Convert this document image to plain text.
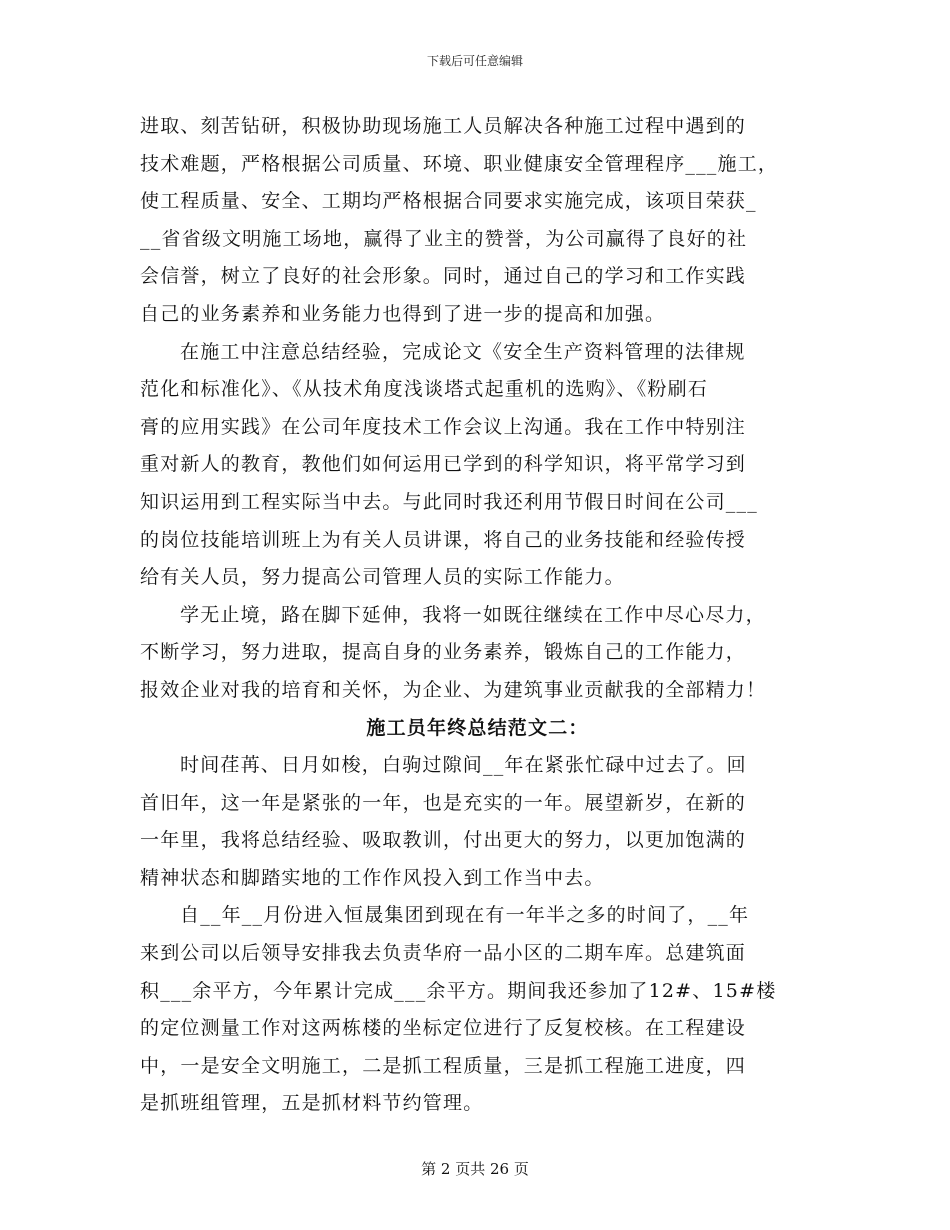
下载后可任意编辑
进取、刻苦钻研，积极协助现场施工人员解决各种施工过程中遇到的
技术难题，严格根据公司质量、环境、职业健康安全管理程序___施工，
使工程质量、安全、工期均严格根据合同要求实施完成，该项目荣获_
__省省级文明施工场地，赢得了业主的赞誉，为公司赢得了良好的社
会信誉，树立了良好的社会形象。同时，通过自己的学习和工作实践
自己的业务素养和业务能力也得到了进一步的提高和加强。
在施工中注意总结经验，完成论文《安全生产资料管理的法律规
范化和标准化》、《从技术角度浅谈塔式起重机的选购》、《粉刷石
膏的应用实践》在公司年度技术工作会议上沟通。我在工作中特别注
重对新人的教育，教他们如何运用已学到的科学知识，将平常学习到
知识运用到工程实际当中去。与此同时我还利用节假日时间在公司___
的岗位技能培训班上为有关人员讲课，将自己的业务技能和经验传授
给有关人员，努力提高公司管理人员的实际工作能力。
学无止境，路在脚下延伸，我将一如既往继续在工作中尽心尽力，
不断学习，努力进取，提高自身的业务素养，锻炼自己的工作能力，
报效企业对我的培育和关怀，为企业、为建筑事业贡献我的全部精力！
施工员年终总结范文二：
时间荏苒、日月如梭，白驹过隙间__年在紧张忙碌中过去了。回
首旧年，这一年是紧张的一年，也是充实的一年。展望新岁，在新的
一年里，我将总结经验、吸取教训，付出更大的努力，以更加饱满的
精神状态和脚踏实地的工作作风投入到工作当中去。
自__年__月份进入恒晟集团到现在有一年半之多的时间了，__年
来到公司以后领导安排我去负责华府一品小区的二期车库。总建筑面
积___余平方，今年累计完成___余平方。期间我还参加了12#、15#楼
的定位测量工作对这两栋楼的坐标定位进行了反复校核。在工程建设
中，一是安全文明施工，二是抓工程质量，三是抓工程施工进度，四
是抓班组管理，五是抓材料节约管理。
第 2 页共 26 页
